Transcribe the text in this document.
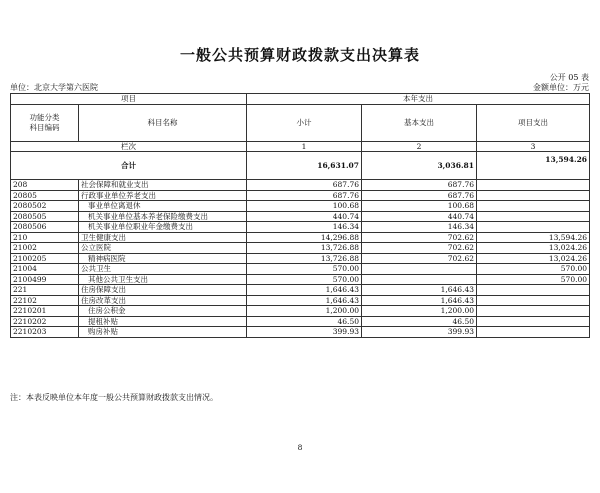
一般公共预算财政拨款支出决算表
公开 05 表
单位：北京大学第六医院	金额单位：万元
项目		本年支出		
功能分类
科目编码	科目名称	小计	基本支出	项目支出
栏次		1	2	3
合计		16,631.07	3,036.81	13,594.26
208	社会保障和就业支出	687.76	687.76	
20805	行政事业单位养老支出	687.76	687.76	
2080502	事业单位离退休	100.68	100.68	
2080505	机关事业单位基本养老保险缴费支出	440.74	440.74	
2080506	机关事业单位职业年金缴费支出	146.34	146.34	
210	卫生健康支出	14,296.88	702.62	13,594.26
21002	公立医院	13,726.88	702.62	13,024.26
2100205	精神病医院	13,726.88	702.62	13,024.26
21004	公共卫生	570.00		570.00
2100499	其他公共卫生支出	570.00		570.00
221	住房保障支出	1,646.43	1,646.43	
22102	住房改革支出	1,646.43	1,646.43	
2210201	住房公积金	1,200.00	1,200.00	
2210202	提租补贴	46.50	46.50	
2210203	购房补贴	399.93	399.93	
注：本表反映单位本年度一般公共预算财政拨款支出情况。
8
